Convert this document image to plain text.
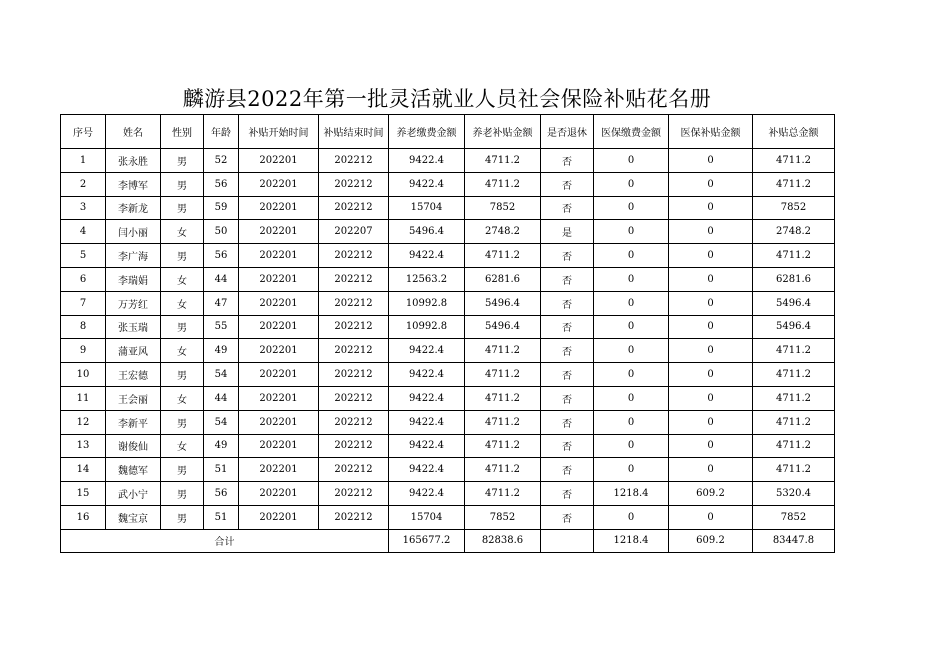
麟游县2022年第一批灵活就业人员社会保险补贴花名册
序号	姓名	性别	年龄	补贴开始时间	补贴结束时间	养老缴费金额	养老补贴金额	是否退休	医保缴费金额	医保补贴金额	补贴总金额
1	张永胜	男	52	202201	202212	9422.4	4711.2	否	0	0	4711.2
2	李博军	男	56	202201	202212	9422.4	4711.2	否	0	0	4711.2
3	李新龙	男	59	202201	202212	15704	7852	否	0	0	7852
4	闫小丽	女	50	202201	202207	5496.4	2748.2	是	0	0	2748.2
5	李广海	男	56	202201	202212	9422.4	4711.2	否	0	0	4711.2
6	李瑞娟	女	44	202201	202212	12563.2	6281.6	否	0	0	6281.6
7	万芳红	女	47	202201	202212	10992.8	5496.4	否	0	0	5496.4
8	张玉瑞	男	55	202201	202212	10992.8	5496.4	否	0	0	5496.4
9	蒲亚风	女	49	202201	202212	9422.4	4711.2	否	0	0	4711.2
10	王宏德	男	54	202201	202212	9422.4	4711.2	否	0	0	4711.2
11	王会丽	女	44	202201	202212	9422.4	4711.2	否	0	0	4711.2
12	李新平	男	54	202201	202212	9422.4	4711.2	否	0	0	4711.2
13	谢俊仙	女	49	202201	202212	9422.4	4711.2	否	0	0	4711.2
14	魏德军	男	51	202201	202212	9422.4	4711.2	否	0	0	4711.2
15	武小宁	男	56	202201	202212	9422.4	4711.2	否	1218.4	609.2	5320.4
16	魏宝京	男	51	202201	202212	15704	7852	否	0	0	7852
合计						165677.2	82838.6		1218.4	609.2	83447.8
